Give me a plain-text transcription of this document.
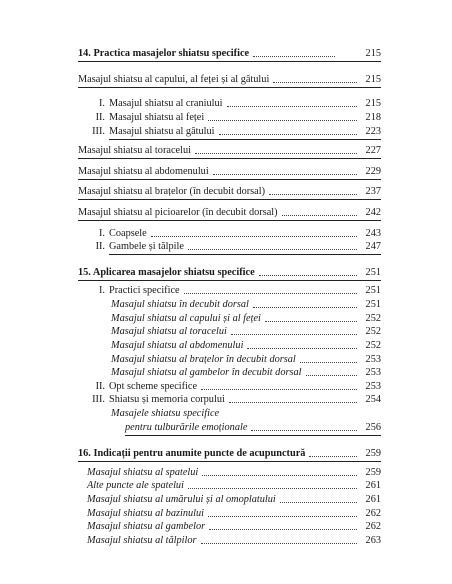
14. Practica masajelor shiatsu specifice	215
Masajul shiatsu al capului, al feței și al gâtului	215
I. Masajul shiatsu al craniului	215
II. Masajul shiatsu al feței	218
III. Masajul shiatsu al gâtului	223
Masajul shiatsu al toracelui	227
Masajul shiatsu al abdomenului	229
Masajul shiatsu al brațelor (în decubit dorsal)	237
Masajul shiatsu al picioarelor (în decubit dorsal)	242
I. Coapsele	243
II. Gambele și tălpile	247
15. Aplicarea masajelor shiatsu specifice	251
I. Practici specifice	251
Masajul shiatsu în decubit dorsal	251
Masajul shiatsu al capului și al feței	252
Masajul shiatsu al toracelui	252
Masajul shiatsu al abdomenului	252
Masajul shiatsu al brațelor în decubit dorsal	253
Masajul shiatsu al gambelor în decubit dorsal	253
II. Opt scheme specifice	253
III. Shiatsu și memoria corpului	254
Masajele shiatsu specifice
pentru tulburările emoționale	256
16. Indicații pentru anumite puncte de acupunctură	259
Masajul shiatsu al spatelui	259
Alte puncte ale spatelui	261
Masajul shiatsu al umărului și al omoplatului	261
Masajul shiatsu al bazinului	262
Masajul shiatsu al gambelor	262
Masajul shiatsu al tălpilor	263
